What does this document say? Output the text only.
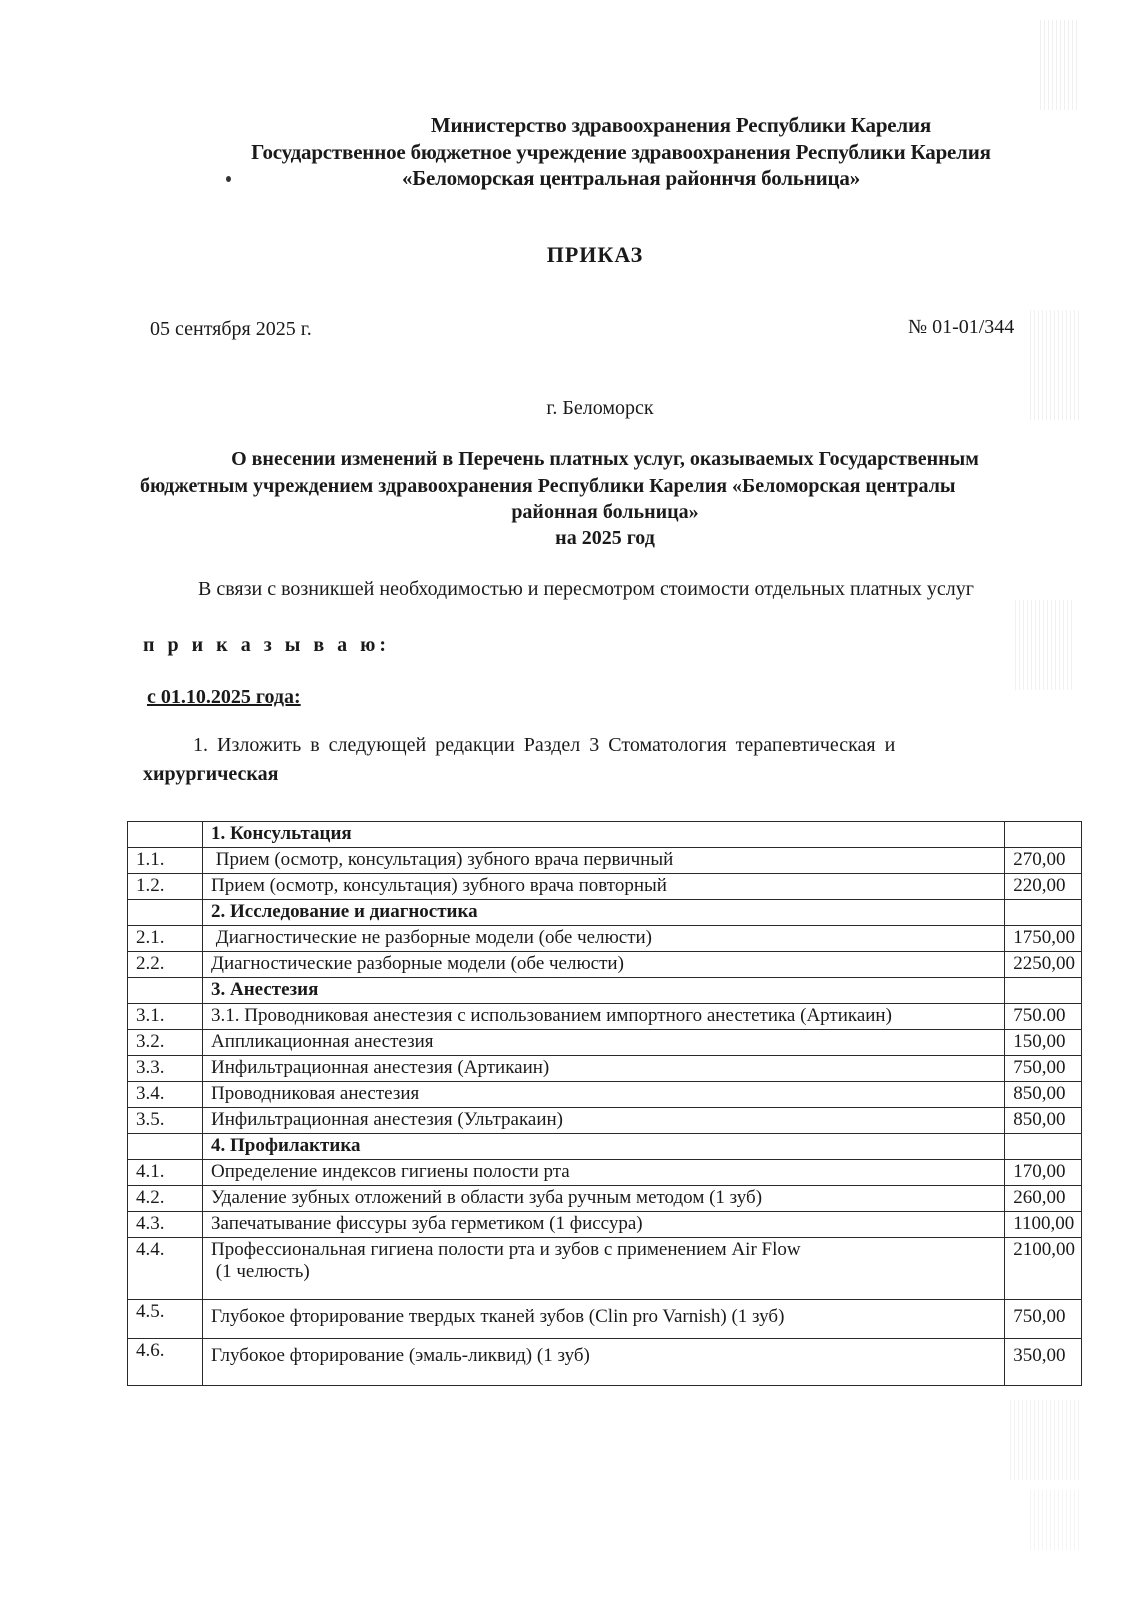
Министерство здравоохранения Республики Карелия
Государственное бюджетное учреждение здравоохранения Республики Карелия
«Беломорская центральная районнчя больница»
ПРИКАЗ
05 сентября 2025 г.	№ 01-01/344
г. Беломорск
О внесении изменений в Перечень платных услуг, оказываемых Государственным
бюджетным учреждением здравоохранения Республики Карелия «Беломорская централы
районная больница»
на 2025 год
В связи с возникшей необходимостью и пересмотром стоимости отдельных платных услуг
п р и к а з ы в а ю:
с 01.10.2025 года:
1. Изложить в следующей редакции Раздел 3 Стоматология терапевтическая и
хирургическая
	1. Консультация	
1.1.	Прием (осмотр, консультация) зубного врача первичный	270,00
1.2.	Прием (осмотр, консультация) зубного врача повторный	220,00
	2. Исследование и диагностика	
2.1.	Диагностические не разборные модели (обе челюсти)	1750,00
2.2.	Диагностические разборные модели (обе челюсти)	2250,00
	3. Анестезия	
3.1.	3.1. Проводниковая анестезия с использованием импортного анестетика (Артикаин)	750.00
3.2.	Аппликационная анестезия	150,00
3.3.	Инфильтрационная анестезия (Артикаин)	750,00
3.4.	Проводниковая анестезия	850,00
3.5.	Инфильтрационная анестезия (Ультракаин)	850,00
	4. Профилактика	
4.1.	Определение индексов гигиены полости рта	170,00
4.2.	Удаление зубных отложений в области зуба ручным методом (1 зуб)	260,00
4.3.	Запечатывание фиссуры зуба герметиком (1 фиссура)	1100,00
4.4.	Профессиональная гигиена полости рта и зубов с применением Air Flow
(1 челюсть)	2100,00
4.5.	Глубокое фторирование твердых тканей зубов (Clin pro Varnish) (1 зуб)	750,00
4.6.	Глубокое фторирование (эмаль-ликвид) (1 зуб)	350,00
